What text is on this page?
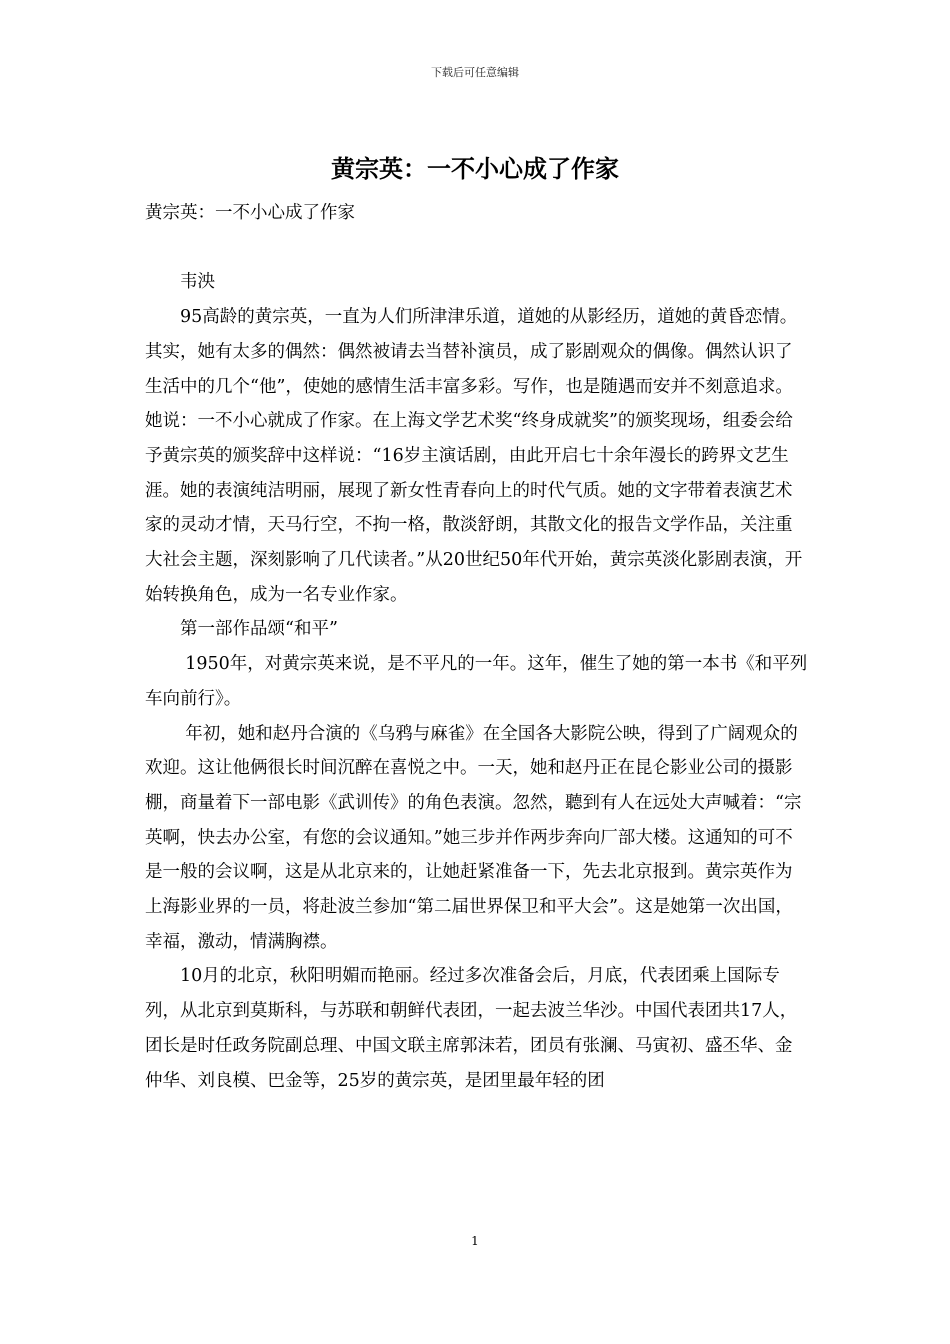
下载后可任意编辑
黄宗英：一不小心成了作家

黄宗英：一不小心成了作家

韦泱

95高龄的黄宗英，一直为人们所津津乐道，道她的从影经历，道她的黄昏恋情。其实，她有太多的偶然：偶然被请去当替补演员，成了影剧观众的偶像。偶然认识了生活中的几个“他”，使她的感情生活丰富多彩。写作，也是随遇而安并不刻意追求。她说：一不小心就成了作家。在上海文学艺术奖“终身成就奖”的颁奖现场，组委会给予黄宗英的颁奖辞中这样说：“16岁主演话剧，由此开启七十余年漫长的跨界文艺生涯。她的表演纯洁明丽，展现了新女性青春向上的时代气质。她的文字带着表演艺术家的灵动才情，天马行空，不拘一格，散淡舒朗，其散文化的报告文学作品，关注重大社会主题，深刻影响了几代读者。”从20世纪50年代开始，黄宗英淡化影剧表演，开始转换角色，成为一名专业作家。

第一部作品颂“和平”

1950年，对黄宗英来说，是不平凡的一年。这年，催生了她的第一本书《和平列车向前行》。

年初，她和赵丹合演的《乌鸦与麻雀》在全国各大影院公映，得到了广阔观众的欢迎。这让他俩很长时间沉醉在喜悦之中。一天，她和赵丹正在昆仑影业公司的摄影棚，商量着下一部电影《武训传》的角色表演。忽然，聽到有人在远处大声喊着：“宗英啊，快去办公室，有您的会议通知。”她三步并作两步奔向厂部大楼。这通知的可不是一般的会议啊，这是从北京来的，让她赶紧准备一下，先去北京报到。黄宗英作为上海影业界的一员，将赴波兰参加“第二届世界保卫和平大会”。这是她第一次出国，幸福，激动，情满胸襟。

10月的北京，秋阳明媚而艳丽。经过多次准备会后，月底，代表团乘上国际专列，从北京到莫斯科，与苏联和朝鲜代表团，一起去波兰华沙。中国代表团共17人，团长是时任政务院副总理、中国文联主席郭沫若，团员有张澜、马寅初、盛丕华、金仲华、刘良模、巴金等，25岁的黄宗英，是团里最年轻的团

1
